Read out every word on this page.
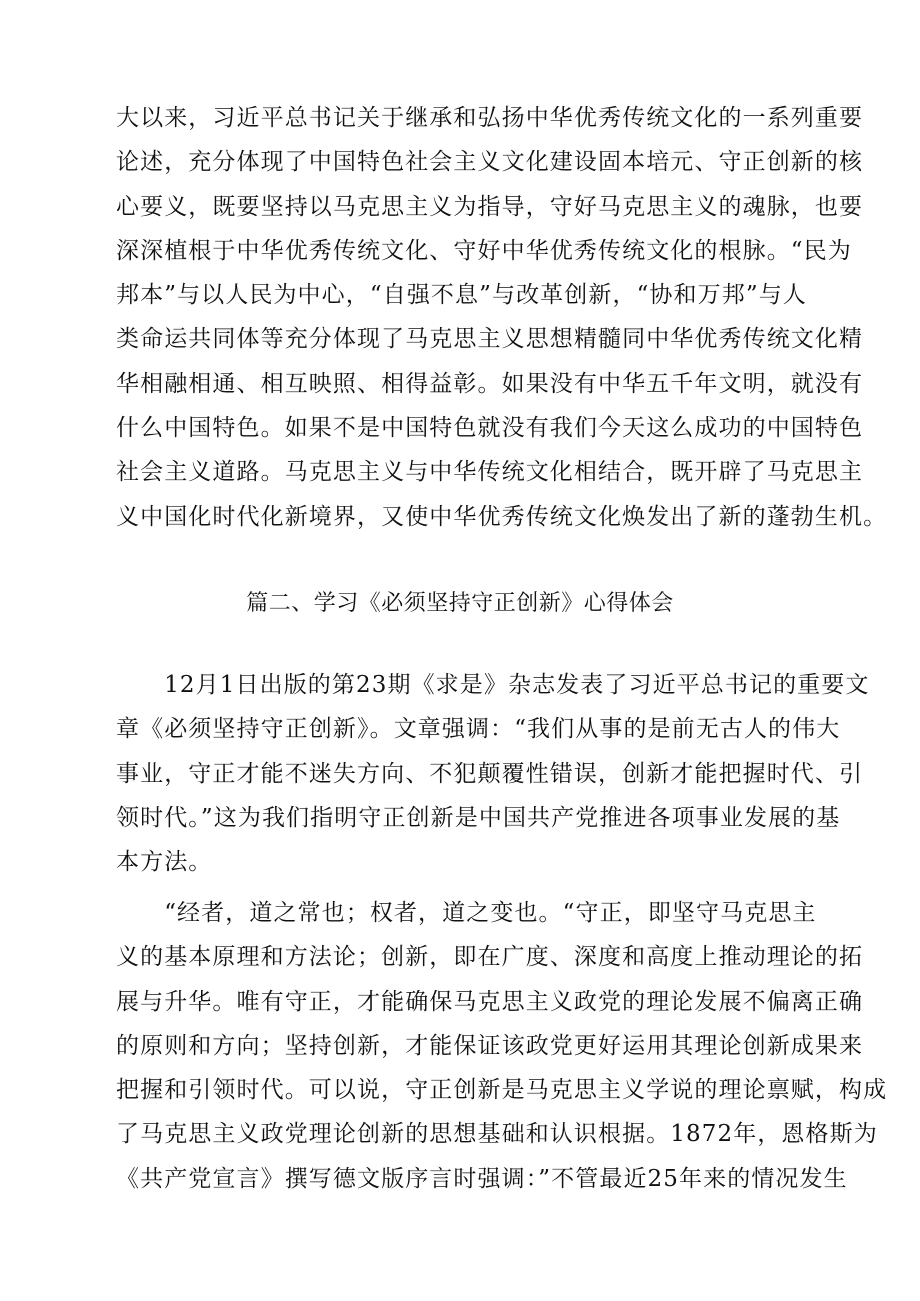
大以来，习近平总书记关于继承和弘扬中华优秀传统文化的一系列重要
论述，充分体现了中国特色社会主义文化建设固本培元、守正创新的核
心要义，既要坚持以马克思主义为指导，守好马克思主义的魂脉，也要
深深植根于中华优秀传统文化、守好中华优秀传统文化的根脉。“民为
邦本”与以人民为中心，“自强不息”与改革创新，“协和万邦”与人
类命运共同体等充分体现了马克思主义思想精髓同中华优秀传统文化精
华相融相通、相互映照、相得益彰。如果没有中华五千年文明，就没有
什么中国特色。如果不是中国特色就没有我们今天这么成功的中国特色
社会主义道路。马克思主义与中华传统文化相结合，既开辟了马克思主
义中国化时代化新境界，又使中华优秀传统文化焕发出了新的蓬勃生机。
篇二、学习《必须坚持守正创新》心得体会
　　12月1日出版的第23期《求是》杂志发表了习近平总书记的重要文
章《必须坚持守正创新》。文章强调：“我们从事的是前无古人的伟大
事业，守正才能不迷失方向、不犯颠覆性错误，创新才能把握时代、引
领时代。”这为我们指明守正创新是中国共产党推进各项事业发展的基
本方法。
　　“经者，道之常也；权者，道之变也。“守正，即坚守马克思主
义的基本原理和方法论；创新，即在广度、深度和高度上推动理论的拓
展与升华。唯有守正，才能确保马克思主义政党的理论发展不偏离正确
的原则和方向；坚持创新，才能保证该政党更好运用其理论创新成果来
把握和引领时代。可以说，守正创新是马克思主义学说的理论禀赋，构成
了马克思主义政党理论创新的思想基础和认识根据。1872年，恩格斯为
《共产党宣言》撰写德文版序言时强调：”不管最近25年来的情况发生
